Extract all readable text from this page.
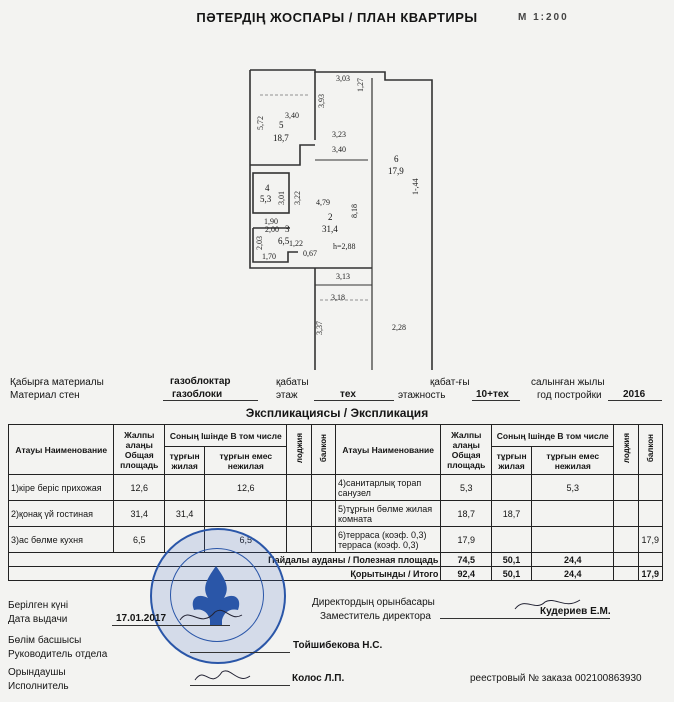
ПӘТЕРДІҢ ЖОСПАРЫ / ПЛАН КВАРТИРЫ	М 1:200
3,40
5,72
3,93
3,03 1,27
3,23
3,40
4,79
3,22
8,18
1,90
3,01
2,00
2,03	1,22
1,70	0,67
h=2,88
3,13
3,18
3,37	2,28
1-,44
5
18,7
4
5,3
2
31,4
3
6,5
6
17,9
Қабырға материалы
Материал стен
газоблоктар
газоблоки
қабаты
этаж	тех
қабат-ғы
этажность	10+тех
салынған жылы
год постройки 2016
Экспликациясы / Экспликация
Атауы Наименование	Жалпы алаңы Общая площадь	Соның Ішінде В том числе		лоджия	балкон	Атауы Наименование	Жалпы алаңы Общая площадь	Соның Ішінде В том числе		лоджия	балкон
		тұрғын жилая	тұрғын емес нежилая					тұрғын жилая	тұрғын емес нежилая		
1)кіре беріс прихожая	12,6		12,6			4)санитарлық торап санузел	5,3		5,3		
2)қонақ үй гостиная	31,4	31,4				5)тұрғын бөлме жилая комната	18,7	18,7			
3)ас бөлме кухня	6,5		6,5			6)терраса (коэф. 0,3) терраса (коэф. 0,3)	17,9				17,9
Пайдалы ауданы / Полезная площадь							74,5	50,1	24,4		
Қорытынды / Итого							92,4	50,1	24,4		17,9
Берілген күні
Дата выдачи	17.01.2017
Директордың орынбасары
Заместитель директора	Кудериев Е.М.
Бөлім басшысы
Руководитель отдела
Тойшибекова Н.С.
Орындаушы
Исполнитель
Колос Л.П.	реестровый № заказа 002100863930
